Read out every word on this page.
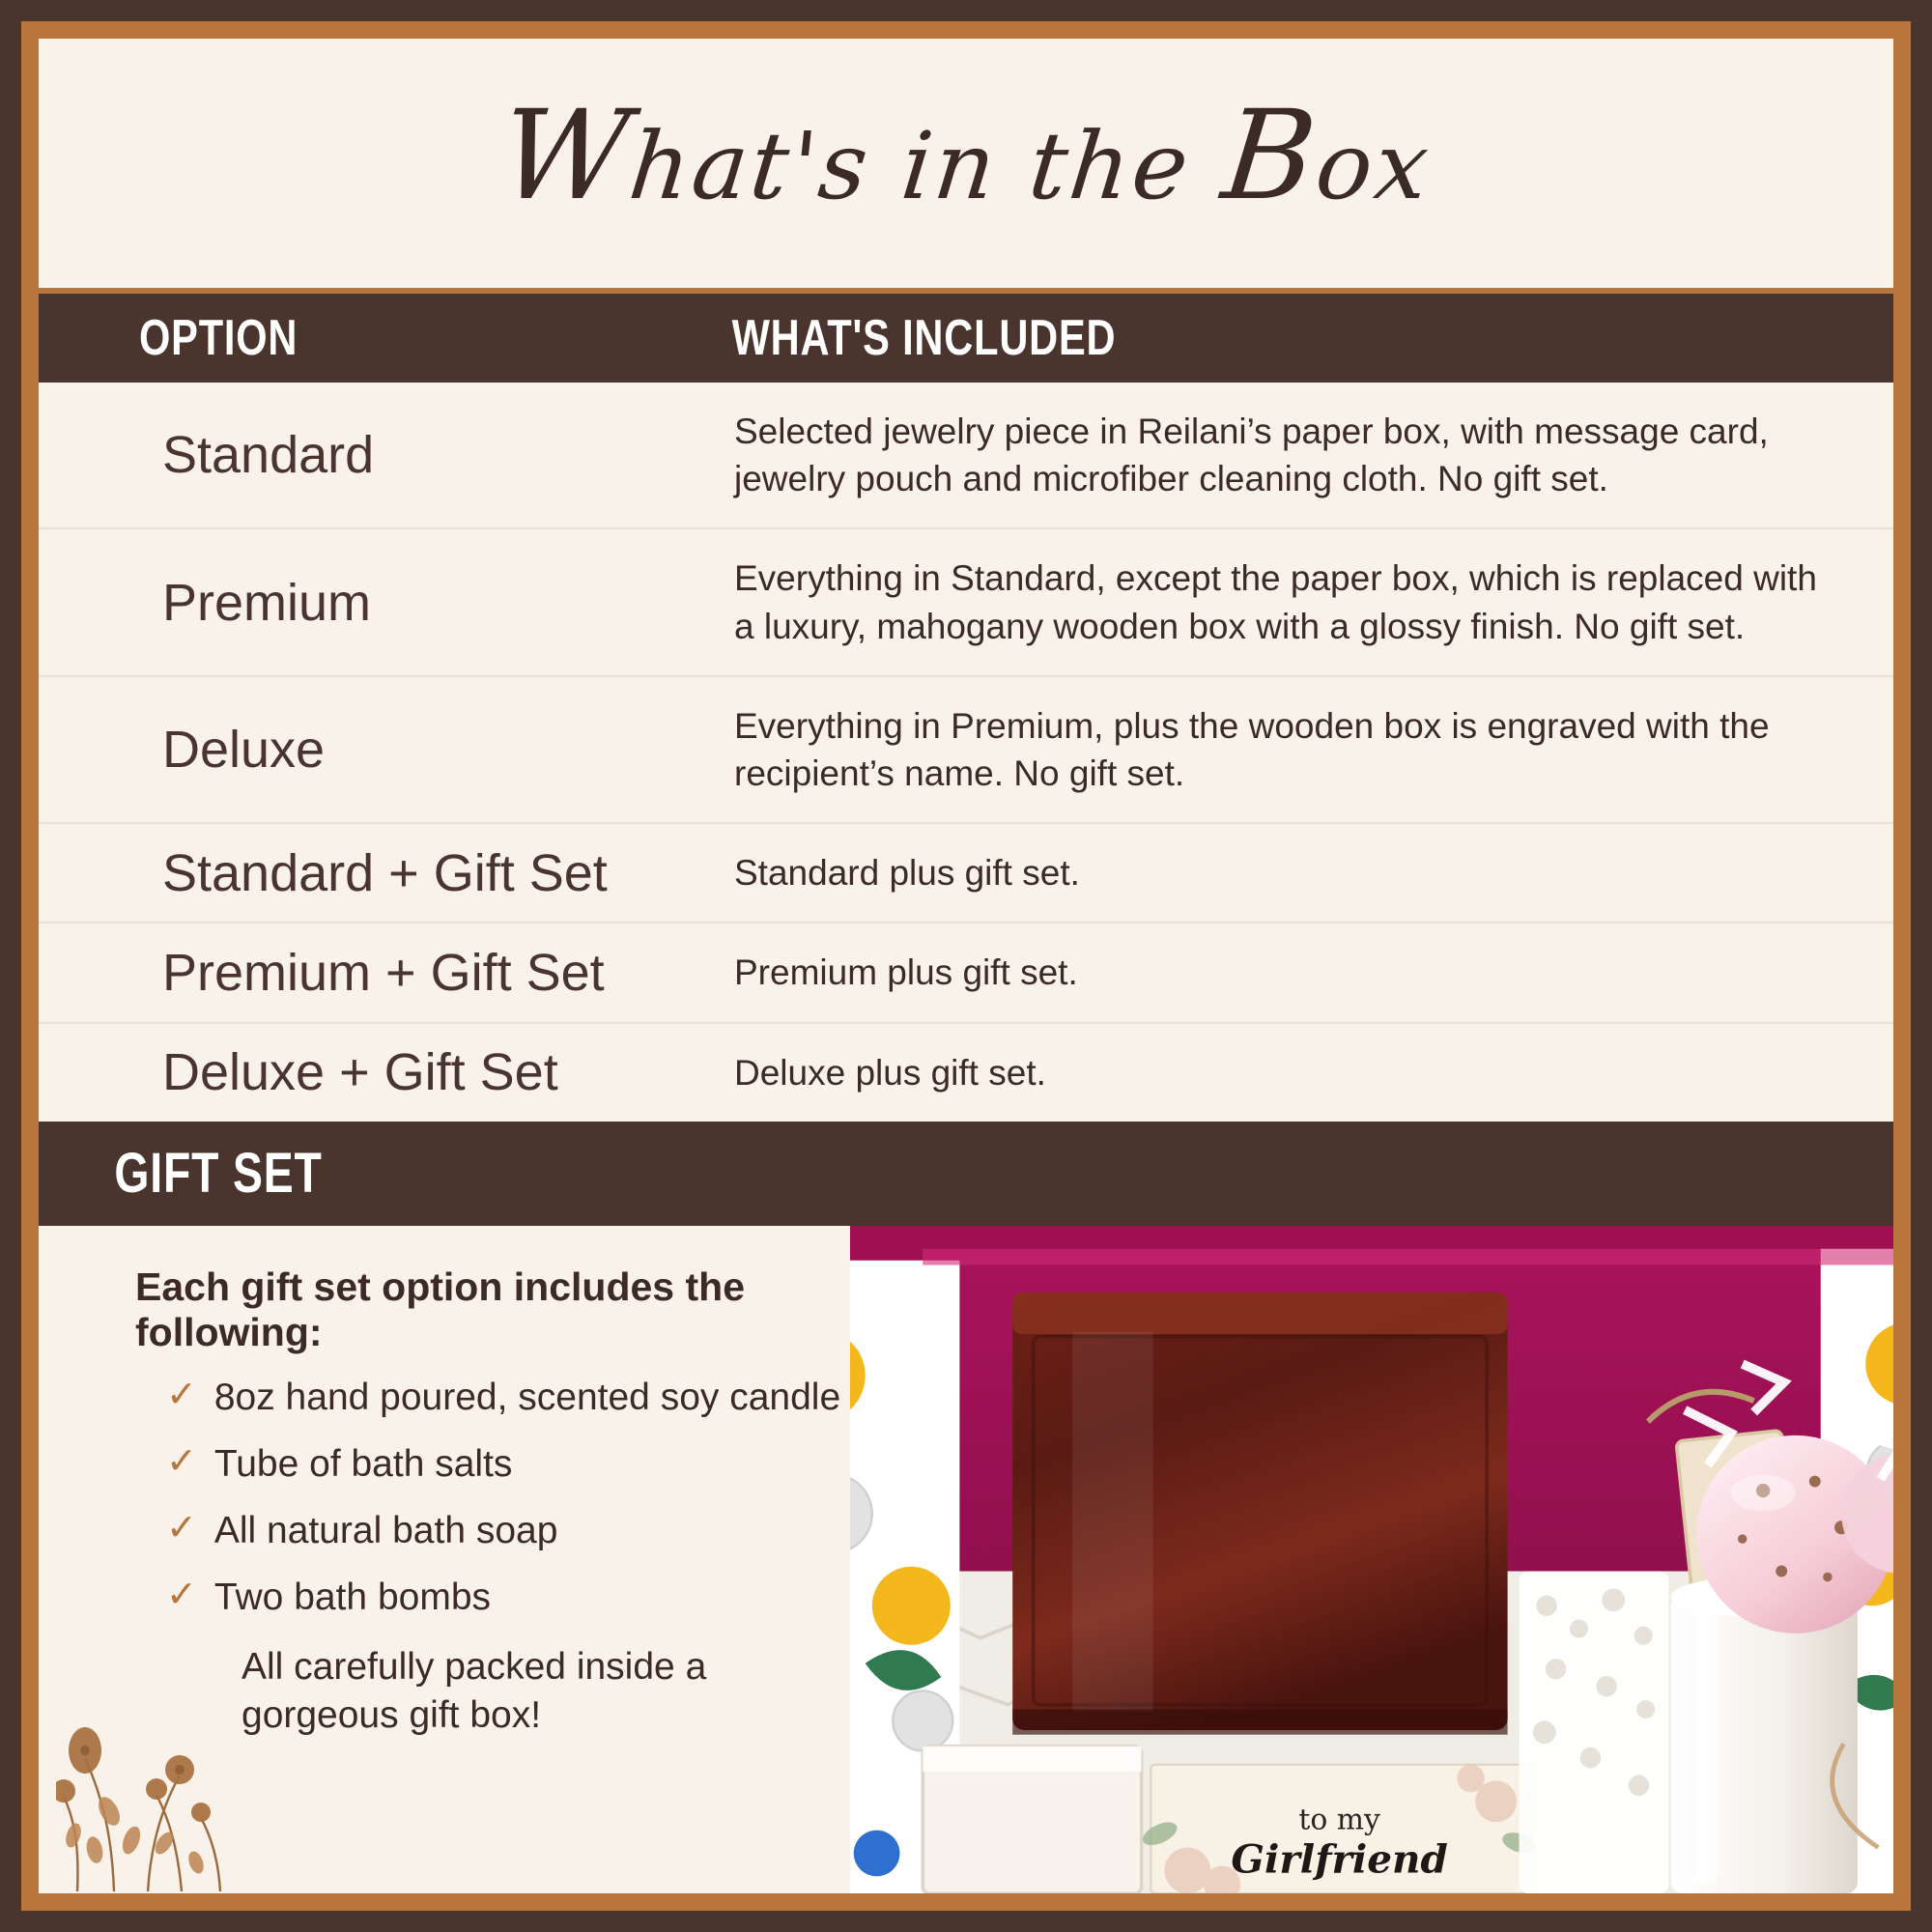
What's in the Box
OPTION	WHAT'S INCLUDED
Standard	Selected jewelry piece in Reilani’s paper box, with message card, jewelry pouch and microfiber cleaning cloth. No gift set.
Premium	Everything in Standard, except the paper box, which is replaced with a luxury, mahogany wooden box with a glossy finish. No gift set.
Deluxe	Everything in Premium, plus the wooden box is engraved with the recipient’s name. No gift set.
Standard + Gift Set	Standard plus gift set.
Premium + Gift Set	Premium plus gift set.
Deluxe + Gift Set	Deluxe plus gift set.
GIFT SET
Each gift set option includes the following:
✓ 8oz hand poured, scented soy candle
✓ Tube of bath salts
✓ All natural bath soap
✓ Two bath bombs
All carefully packed inside a gorgeous gift box!
to my
Girlfriend
